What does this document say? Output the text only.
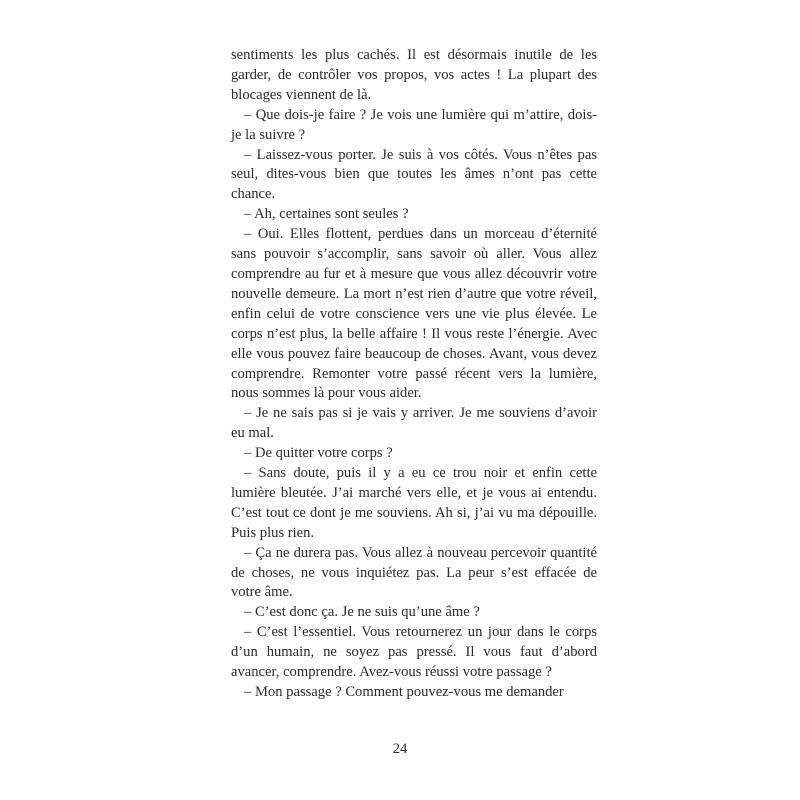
sentiments les plus cachés. Il est désormais inutile de les garder, de contrôler vos propos, vos actes ! La plupart des blocages viennent de là.

– Que dois-je faire ? Je vois une lumière qui m’attire, dois-je la suivre ?

– Laissez-vous porter. Je suis à vos côtés. Vous n’êtes pas seul, dites-vous bien que toutes les âmes n’ont pas cette chance.

– Ah, certaines sont seules ?

– Oui. Elles flottent, perdues dans un morceau d’éternité sans pouvoir s’accomplir, sans savoir où aller. Vous allez comprendre au fur et à mesure que vous allez découvrir votre nouvelle demeure. La mort n’est rien d’autre que votre réveil, enfin celui de votre conscience vers une vie plus élevée. Le corps n’est plus, la belle affaire ! Il vous reste l’énergie. Avec elle vous pouvez faire beaucoup de choses. Avant, vous devez comprendre. Remonter votre passé récent vers la lumière, nous sommes là pour vous aider.

– Je ne sais pas si je vais y arriver. Je me souviens d’avoir eu mal.

– De quitter votre corps ?

– Sans doute, puis il y a eu ce trou noir et enfin cette lumière bleutée. J’ai marché vers elle, et je vous ai entendu. C’est tout ce dont je me souviens. Ah si, j’ai vu ma dépouille. Puis plus rien.

– Ça ne durera pas. Vous allez à nouveau percevoir quantité de choses, ne vous inquiétez pas. La peur s’est effacée de votre âme.

– C’est donc ça. Je ne suis qu’une âme ?

– C’est l’essentiel. Vous retournerez un jour dans le corps d’un humain, ne soyez pas pressé. Il vous faut d’abord avancer, comprendre. Avez-vous réussi votre passage ?

– Mon passage ? Comment pouvez-vous me demander

24
